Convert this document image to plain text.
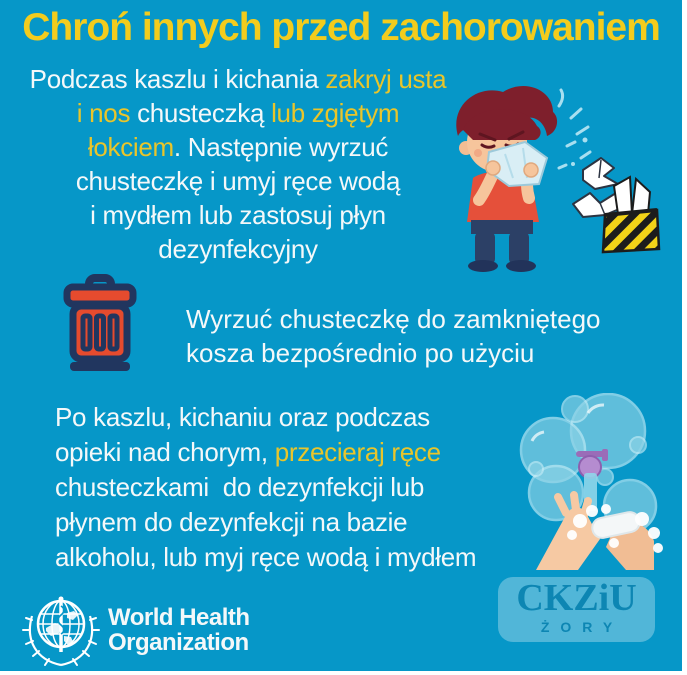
Chroń innych przed zachorowaniem
Podczas kaszlu i kichania zakryj usta
i nos chusteczką lub zgiętym
łokciem. Następnie wyrzuć
chusteczkę i umyj ręce wodą
i mydłem lub zastosuj płyn
dezynfekcyjny
Wyrzuć chusteczkę do zamkniętego
kosza bezpośrednio po użyciu
Po kaszlu, kichaniu oraz podczas
opieki nad chorym, przecieraj ręce
chusteczkami  do dezynfekcji lub
płynem do dezynfekcji na bazie
alkoholu, lub myj ręce wodą i mydłem
World Health
Organization
CKZiU
ŻORY
